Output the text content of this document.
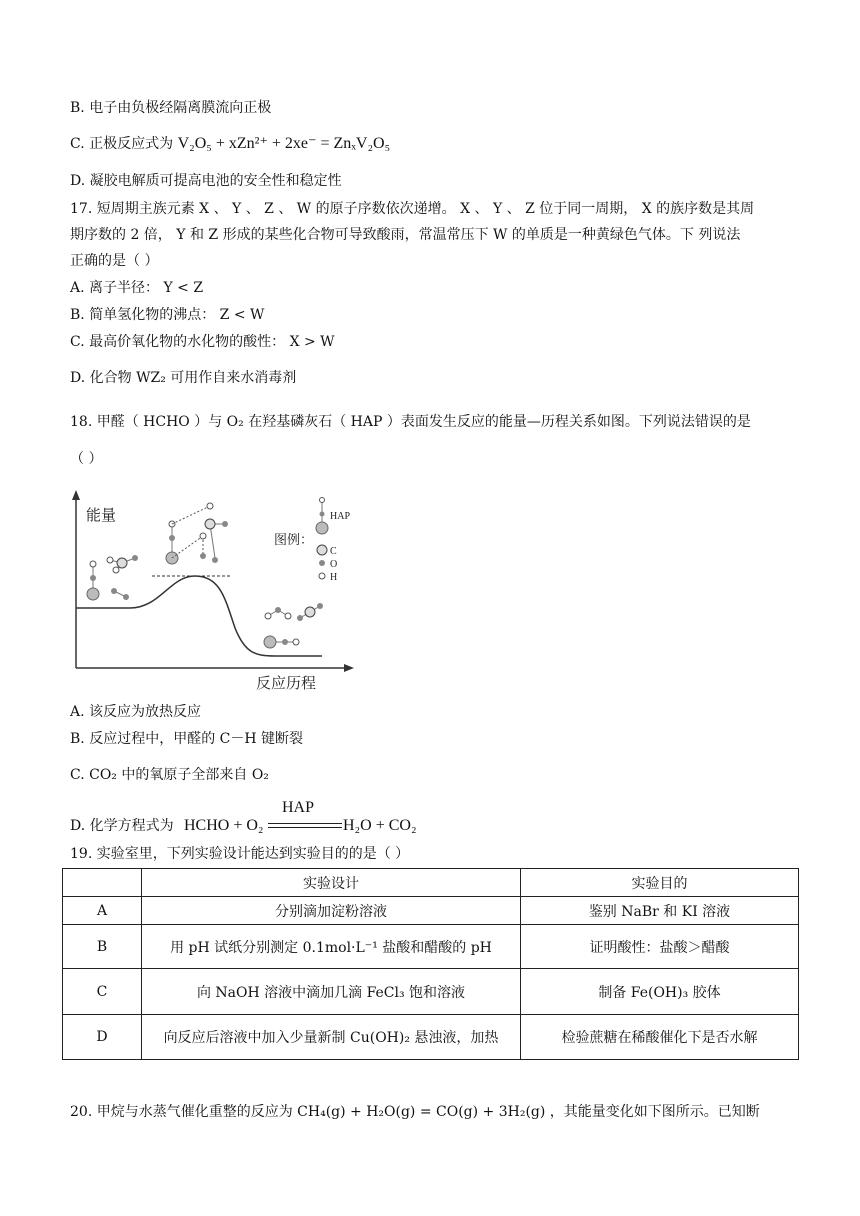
B. 电子由负极经隔离膜流向正极
C. 正极反应式为 V₂O₅ + xZn²⁺ + 2xe⁻ = ZnₓV₂O₅
D. 凝胶电解质可提高电池的安全性和稳定性
17. 短周期主族元素 X 、 Y 、 Z 、 W 的原子序数依次递增。 X 、 Y 、 Z 位于同一周期， X 的族序数是其周
期序数的 2 倍， Y 和 Z 形成的某些化合物可导致酸雨，常温常压下 W 的单质是一种黄绿色气体。下 列说法
正确的是（ ）
A. 离子半径： Y < Z
B. 简单氢化物的沸点： Z < W
C. 最高价氧化物的水化物的酸性： X > W
D. 化合物 WZ₂ 可用作自来水消毒剂
18. 甲醛（ HCHO ）与 O₂ 在羟基磷灰石（ HAP ）表面发生反应的能量—历程关系如图。下列说法错误的是
（ ）
能量
反应历程
图例：
HAP
C
O
H
A. 该反应为放热反应
B. 反应过程中，甲醛的 C－H 键断裂
C. CO₂ 中的氧原子全部来自 O₂
D. 化学方程式为 HCHO + O₂
HAP
H₂O + CO₂
19. 实验室里，下列实验设计能达到实验目的的是（ ）
	实验设计	实验目的
A	分别滴加淀粉溶液	鉴别 NaBr 和 KI 溶液
B	用 pH 试纸分别测定 0.1mol·L⁻¹ 盐酸和醋酸的 pH	证明酸性：盐酸＞醋酸
C	向 NaOH 溶液中滴加几滴 FeCl₃ 饱和溶液	制备 Fe(OH)₃ 胶体
D	向反应后溶液中加入少量新制 Cu(OH)₂ 悬浊液，加热	检验蔗糖在稀酸催化下是否水解
20. 甲烷与水蒸气催化重整的反应为 CH₄(g) + H₂O(g) = CO(g) + 3H₂(g) ，其能量变化如下图所示。已知断
